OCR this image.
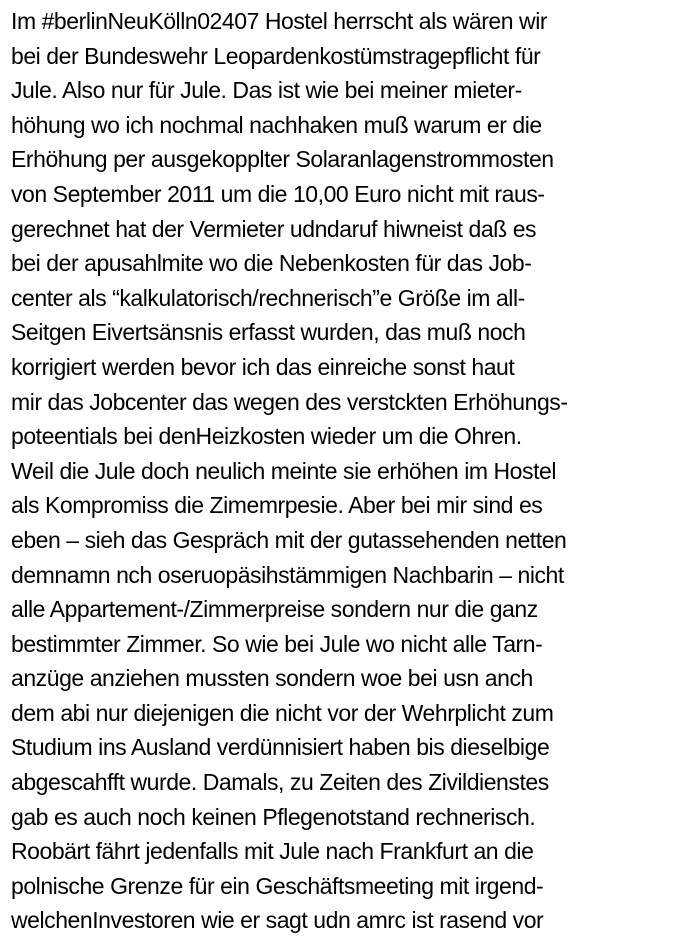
Im #berlinNeuKölln02407 Hostel herrscht als wären wir
bei der Bundeswehr Leopardenkostümstragepflicht für
Jule. Also nur für Jule. Das ist wie bei meiner mieter-
höhung wo ich nochmal nachhaken muß warum er die
Erhöhung per ausgekopplter Solaranlagenstrommosten
von September 2011 um die 10,00 Euro nicht mit raus-
gerechnet hat der Vermieter udndaruf hiwneist daß es
bei der apusahlmite wo die Nebenkosten für das Job-
center als “kalkulatorisch/rechnerisch”e Größe im all-
Seitgen Eivertsänsnis erfasst wurden, das muß noch
korrigiert werden bevor ich das einreiche sonst haut
mir das Jobcenter das wegen des verstckten Erhöhungs-
poteentials bei denHeizkosten wieder um die Ohren.
Weil die Jule doch neulich meinte sie erhöhen im Hostel
als Kompromiss die Zimemrpesie. Aber bei mir sind es
eben – sieh das Gespräch mit der gutassehenden netten
demnamn nch oseruopäsihstämmigen Nachbarin – nicht
alle Appartement-/Zimmerpreise sondern nur die ganz
bestimmter Zimmer. So wie bei Jule wo nicht alle Tarn-
anzüge anziehen mussten sondern woe bei usn anch
dem abi nur diejenigen die nicht vor der Wehrplicht zum
Studium ins Ausland verdünnisiert haben bis dieselbige
abgescahfft wurde. Damals, zu Zeiten des Zivildienstes
gab es auch noch keinen Pflegenotstand rechnerisch.
Roobärt fährt jedenfalls mit Jule nach Frankfurt an die
polnische Grenze für ein Geschäftsmeeting mit irgend-
welchenInvestoren wie er sagt udn amrc ist rasend vor
